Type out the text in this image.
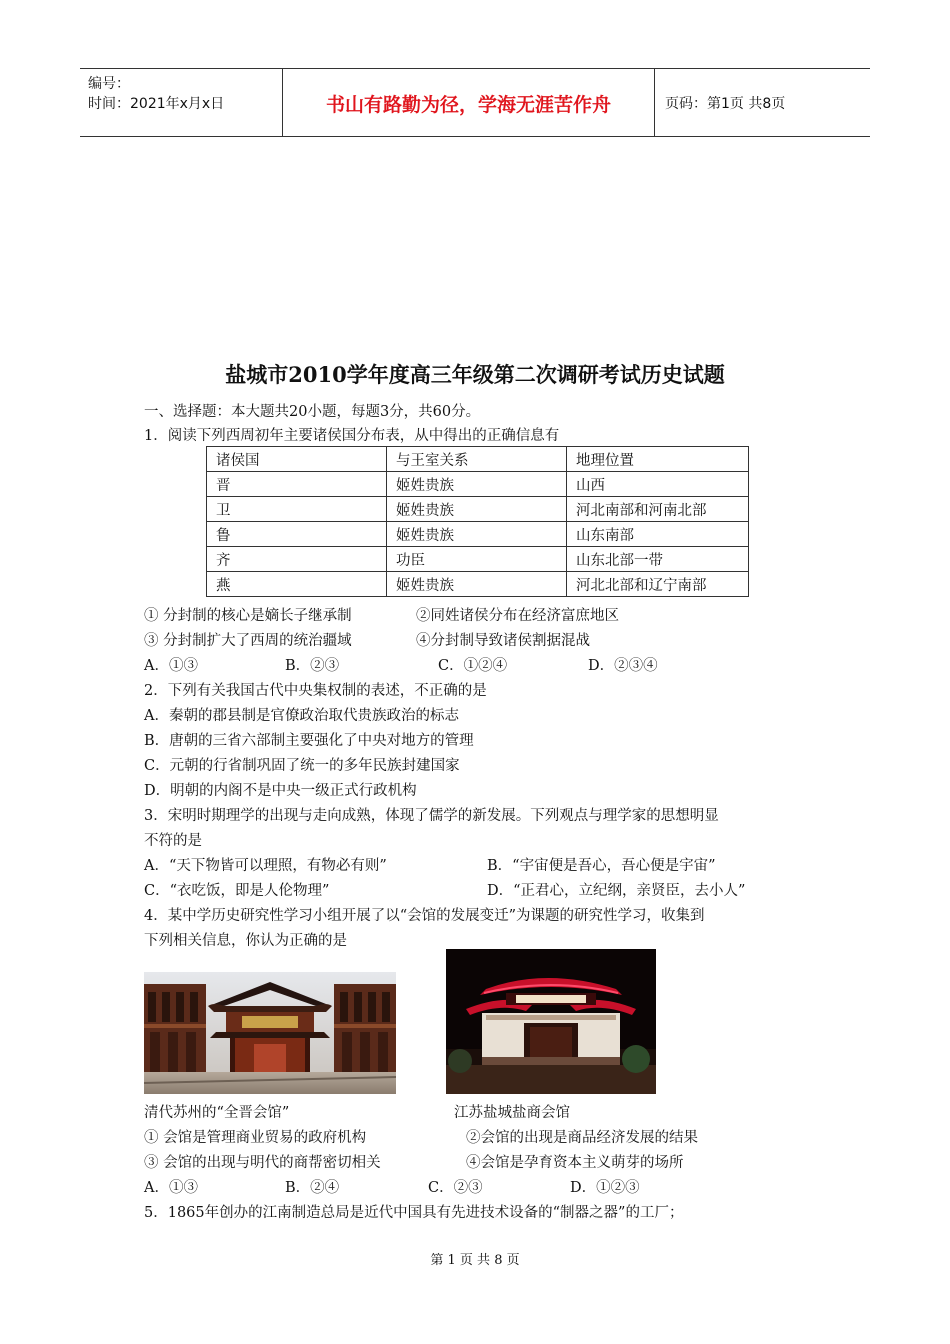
编号：
时间：2021年x月x日	书山有路勤为径，学海无涯苦作舟	页码：第1页 共8页
盐城市2010学年度高三年级第二次调研考试历史试题
一、选择题：本大题共20小题，每题3分，共60分。
1．阅读下列西周初年主要诸侯国分布表，从中得出的正确信息有
诸侯国	与王室关系	地理位置
晋	姬姓贵族	山西
卫	姬姓贵族	河北南部和河南北部
鲁	姬姓贵族	山东南部
齐	功臣	山东北部一带
燕	姬姓贵族	河北北部和辽宁南部
① 分封制的核心是嫡长子继承制	②同姓诸侯分布在经济富庶地区
③ 分封制扩大了西周的统治疆域	④分封制导致诸侯割据混战
A．①③	B．②③	C．①②④	D．②③④
2．下列有关我国古代中央集权制的表述，不正确的是
A．秦朝的郡县制是官僚政治取代贵族政治的标志
B．唐朝的三省六部制主要强化了中央对地方的管理
C．元朝的行省制巩固了统一的多年民族封建国家
D．明朝的内阁不是中央一级正式行政机构
3．宋明时期理学的出现与走向成熟，体现了儒学的新发展。下列观点与理学家的思想明显
不符的是
A．“天下物皆可以理照，有物必有则”	B．“宇宙便是吾心，吾心便是宇宙”
C．“衣吃饭，即是人伦物理”	D．“正君心，立纪纲，亲贤臣，去小人”
4．某中学历史研究性学习小组开展了以“会馆的发展变迁”为课题的研究性学习，收集到
下列相关信息，你认为正确的是
清代苏州的“全晋会馆”	江苏盐城盐商会馆
① 会馆是管理商业贸易的政府机构	②会馆的出现是商品经济发展的结果
③ 会馆的出现与明代的商帮密切相关	④会馆是孕育资本主义萌芽的场所
A．①③	B．②④	C．②③	D．①②③
5．1865年创办的江南制造总局是近代中国具有先进技术设备的“制器之器”的工厂；
第 1 页 共 8 页
